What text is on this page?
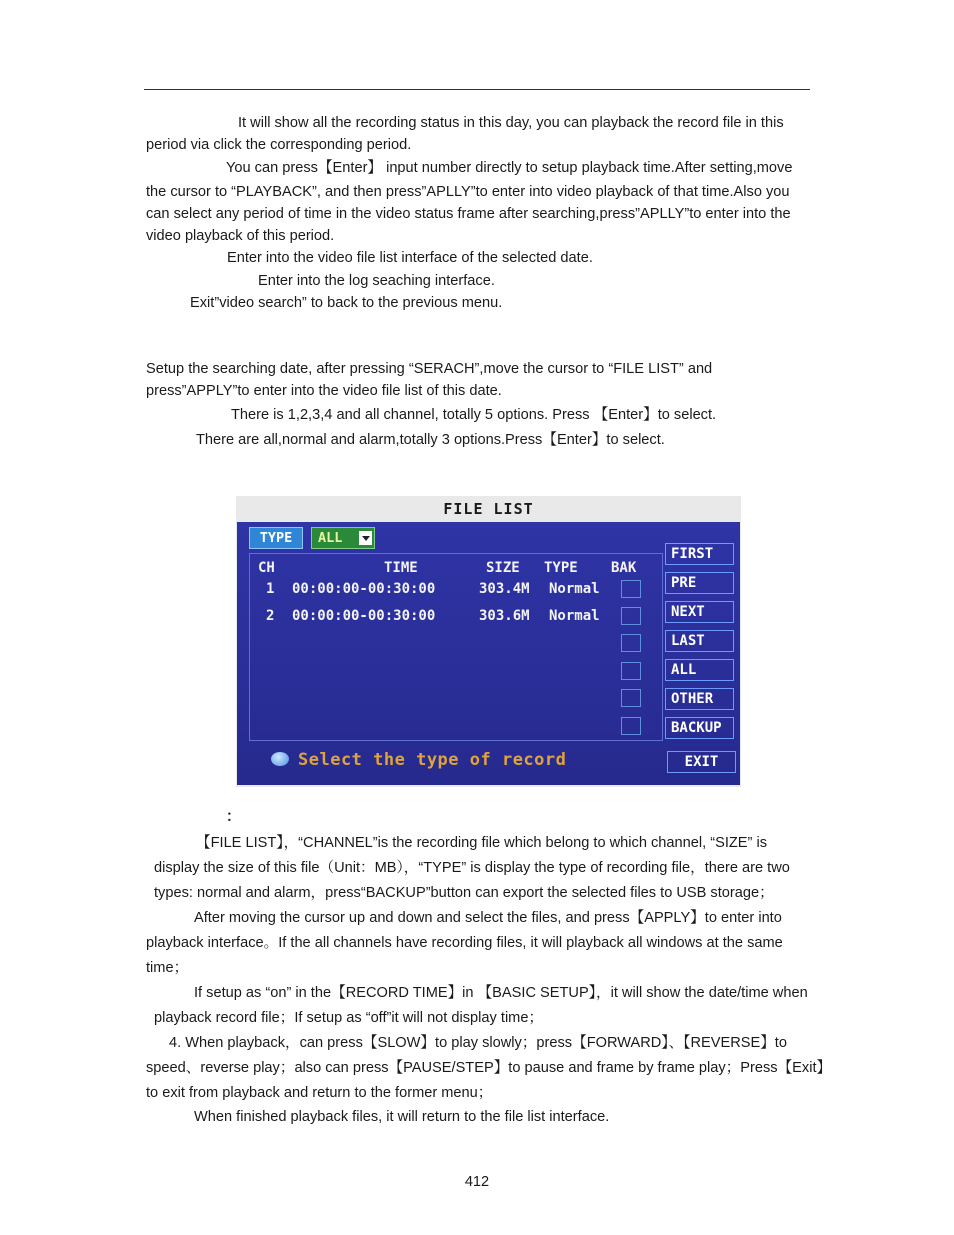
It will show all the recording status in this day, you can playback the record file in this
period via click the corresponding period.
You can press【Enter】 input number directly to setup playback time.After setting,move
the cursor to “PLAYBACK”, and then press”APLLY”to enter into video playback of that time.Also you
can select any period of time in the video status frame after searching,press”APLLY”to enter into the
video playback of this period.
Enter into the video file list interface of the selected date.
Enter into the log seaching interface.
Exit”video search” to back to the previous menu.
Setup the searching date, after pressing “SERACH”,move the cursor to “FILE LIST” and
press”APPLY”to enter into the video file list of this date.
There is 1,2,3,4 and all channel, totally 5 options. Press 【Enter】to select.
There are all,normal and alarm,totally 3 options.Press【Enter】to select.
FILE LIST
TYPE	ALL
CH	TIME	SIZE TYPE BAK
1 00:00:00-00:30:00	303.4M Normal
2 00:00:00-00:30:00	303.6M Normal
FIRST
PRE
NEXT
LAST
ALL
OTHER
BACKUP
Select the type of record	EXIT
：
【FILE LIST】，“CHANNEL”is the recording file which belong to which channel, “SIZE” is
display the size of this file（Unit：MB），“TYPE” is display the type of recording file，there are two
types: normal and alarm，press“BACKUP”button can export the selected files to USB storage；
After moving the cursor up and down and select the files, and press【APPLY】to enter into
playback interface。If the all channels have recording files, it will playback all windows at the same
time；
If setup as “on” in the【RECORD TIME】in 【BASIC SETUP】，it will show the date/time when
playback record file；If setup as “off”it will not display time；
4. When playback，can press【SLOW】to play slowly；press【FORWARD】、【REVERSE】to
speed、reverse play；also can press【PAUSE/STEP】to pause and frame by frame play；Press【Exit】
to exit from playback and return to the former menu；
When finished playback files, it will return to the file list interface.
412
